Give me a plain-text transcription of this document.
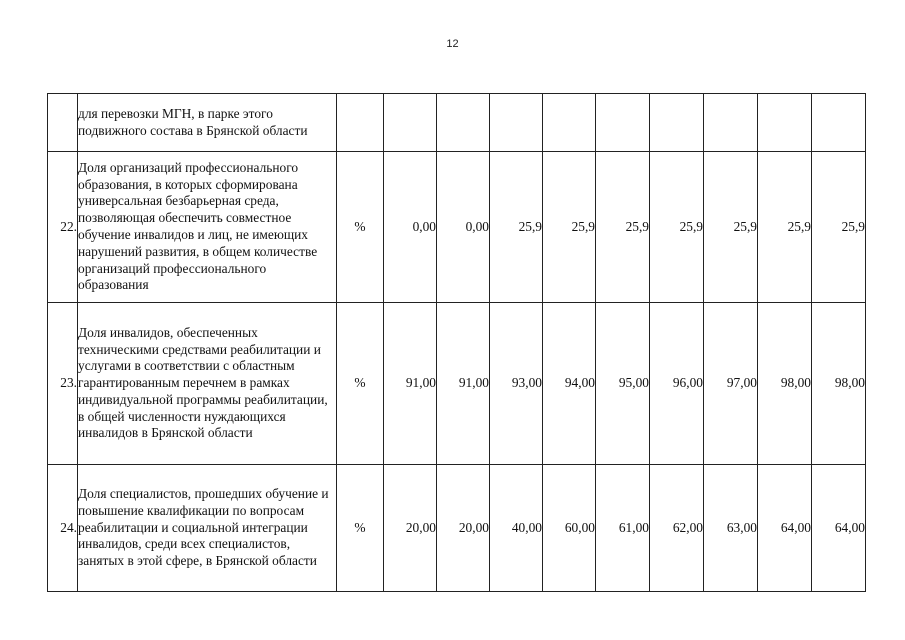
12
	для перевозки МГН, в парке этого подвижного состава в Брянской области										
22.	Доля организаций профессионального образования, в которых сформирована универсальная безбарьерная среда, позволяющая обеспечить совместное обучение инвалидов и лиц, не имеющих нарушений развития, в общем количестве организаций профессионального образования	%	0,00	0,00	25,9	25,9	25,9	25,9	25,9	25,9	25,9
23.	Доля инвалидов, обеспеченных техническими средствами реабилитации и услугами в соответствии с областным гарантированным перечнем в рамках индивидуальной программы реабилитации, в общей численности нуждающихся инвалидов в Брянской области	%	91,00	91,00	93,00	94,00	95,00	96,00	97,00	98,00	98,00
24.	Доля специалистов, прошедших обучение и повышение квалификации по вопросам реабилитации и социальной интеграции инвалидов, среди всех специалистов, занятых в этой сфере, в Брянской области	%	20,00	20,00	40,00	60,00	61,00	62,00	63,00	64,00	64,00
